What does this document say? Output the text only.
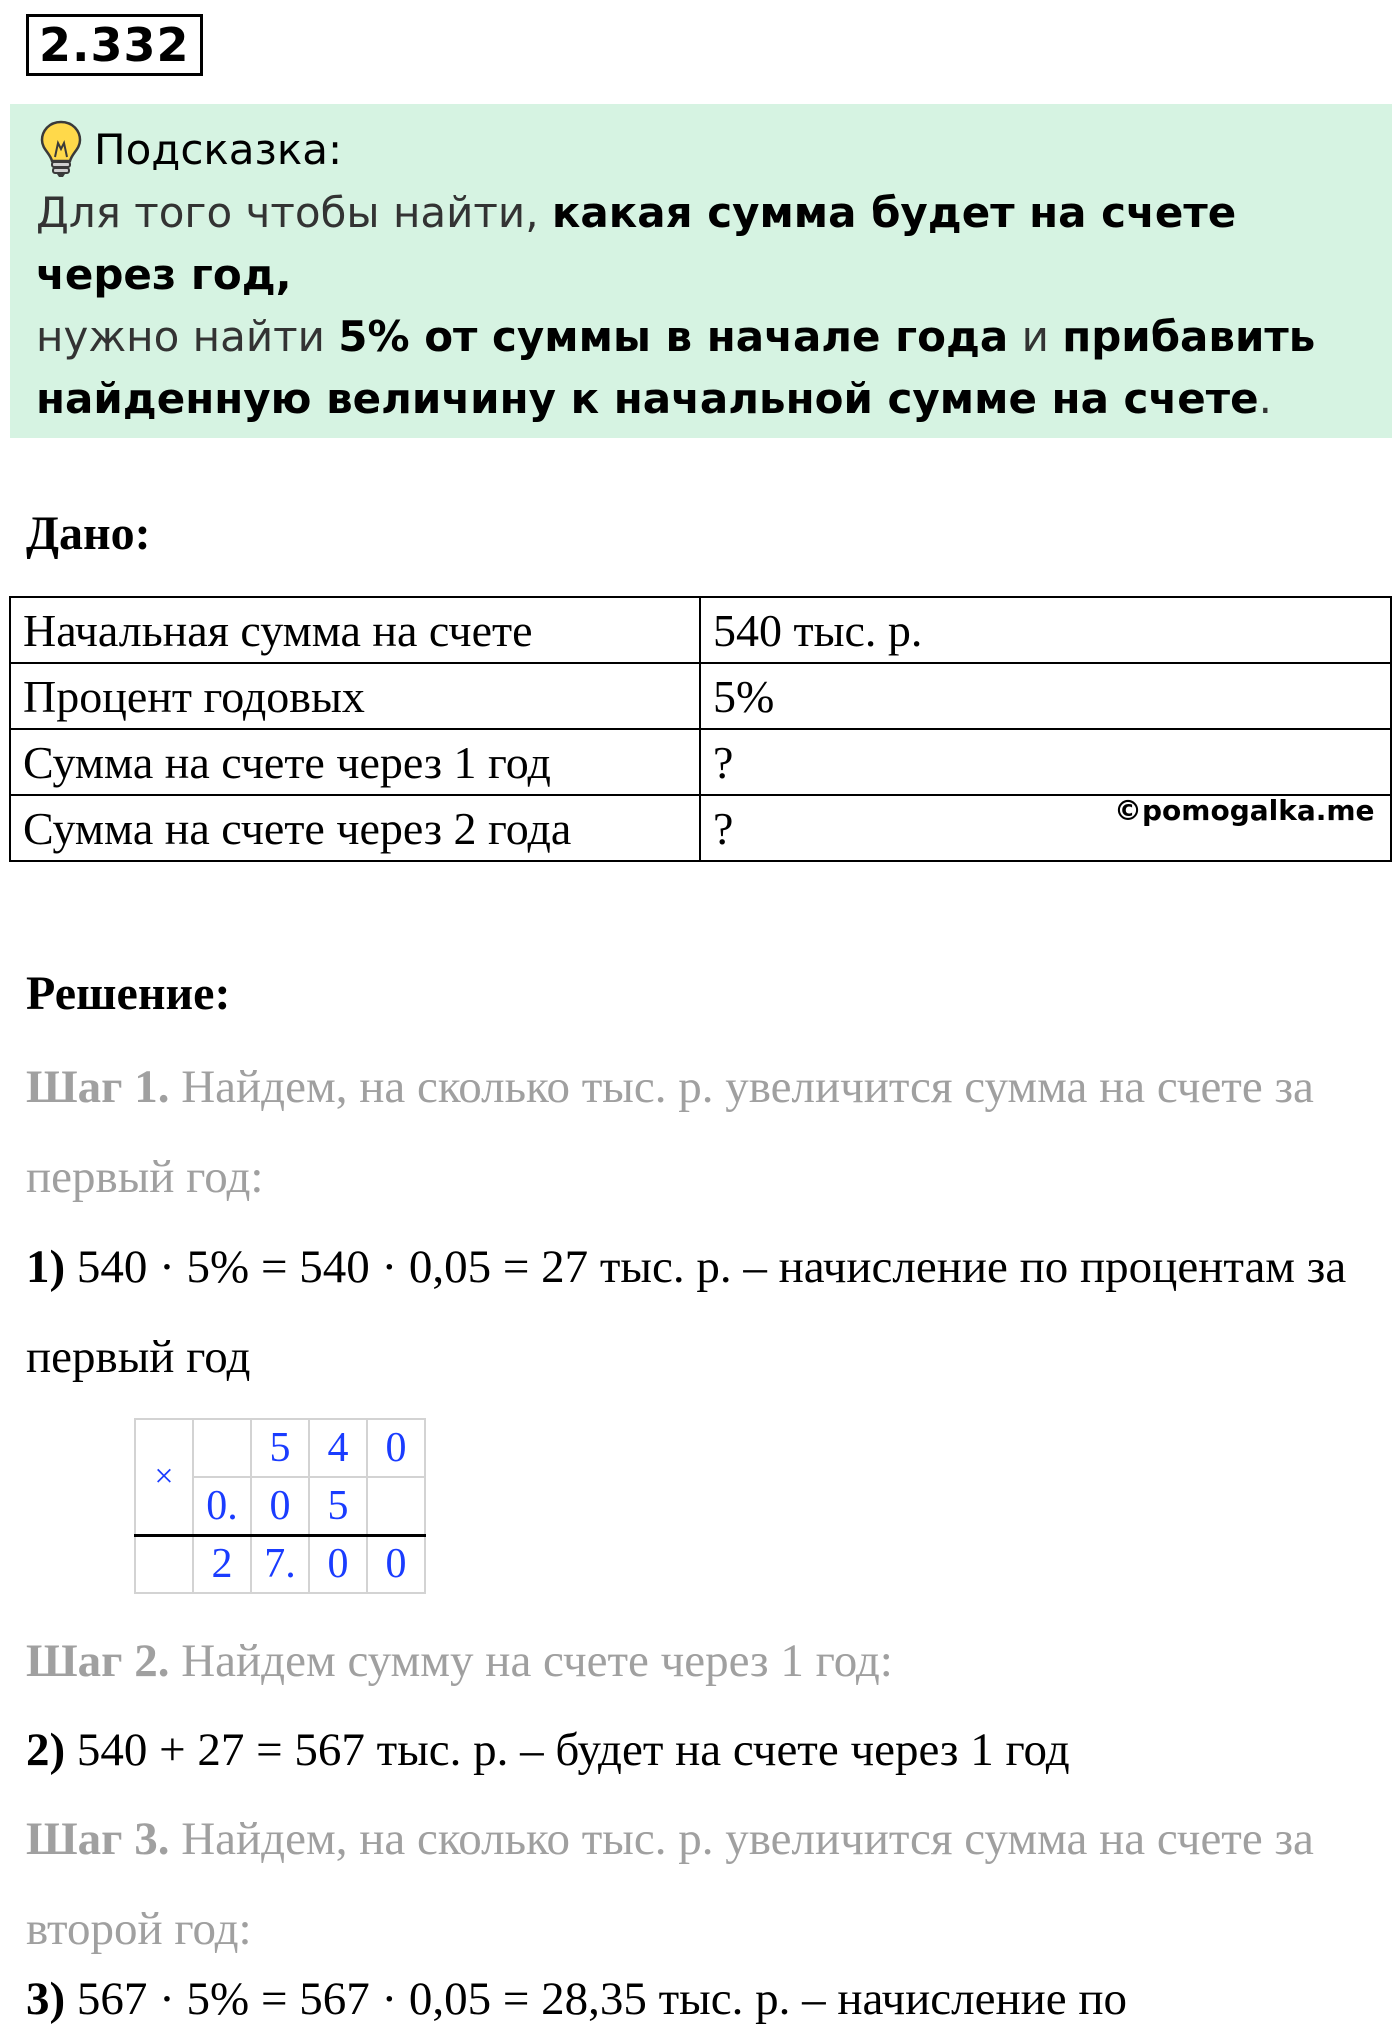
2.332
Подсказка:
Для того чтобы найти, какая сумма будет на счете через год,
нужно найти 5% от суммы в начале года и прибавить найденную величину к начальной сумме на счете.
Дано:
Начальная сумма на счете	540 тыс. р.
Процент годовых	5%
Сумма на счете через 1 год	?
Сумма на счете через 2 года	?	©pomogalka.me
Решение:
Шаг 1. Найдем, на сколько тыс. р. увеличится сумма на счете за первый год:
1) 540 · 5% = 540 · 0,05 = 27 тыс. р. – начисление по процентам за первый год
×		5	4	0
	0.	0	5	
	2	7.	0	0
Шаг 2. Найдем сумму на счете через 1 год:
2) 540 + 27 = 567 тыс. р. – будет на счете через 1 год
Шаг 3. Найдем, на сколько тыс. р. увеличится сумма на счете за второй год:
3) 567 · 5% = 567 · 0,05 = 28,35 тыс. р. – начисление по
